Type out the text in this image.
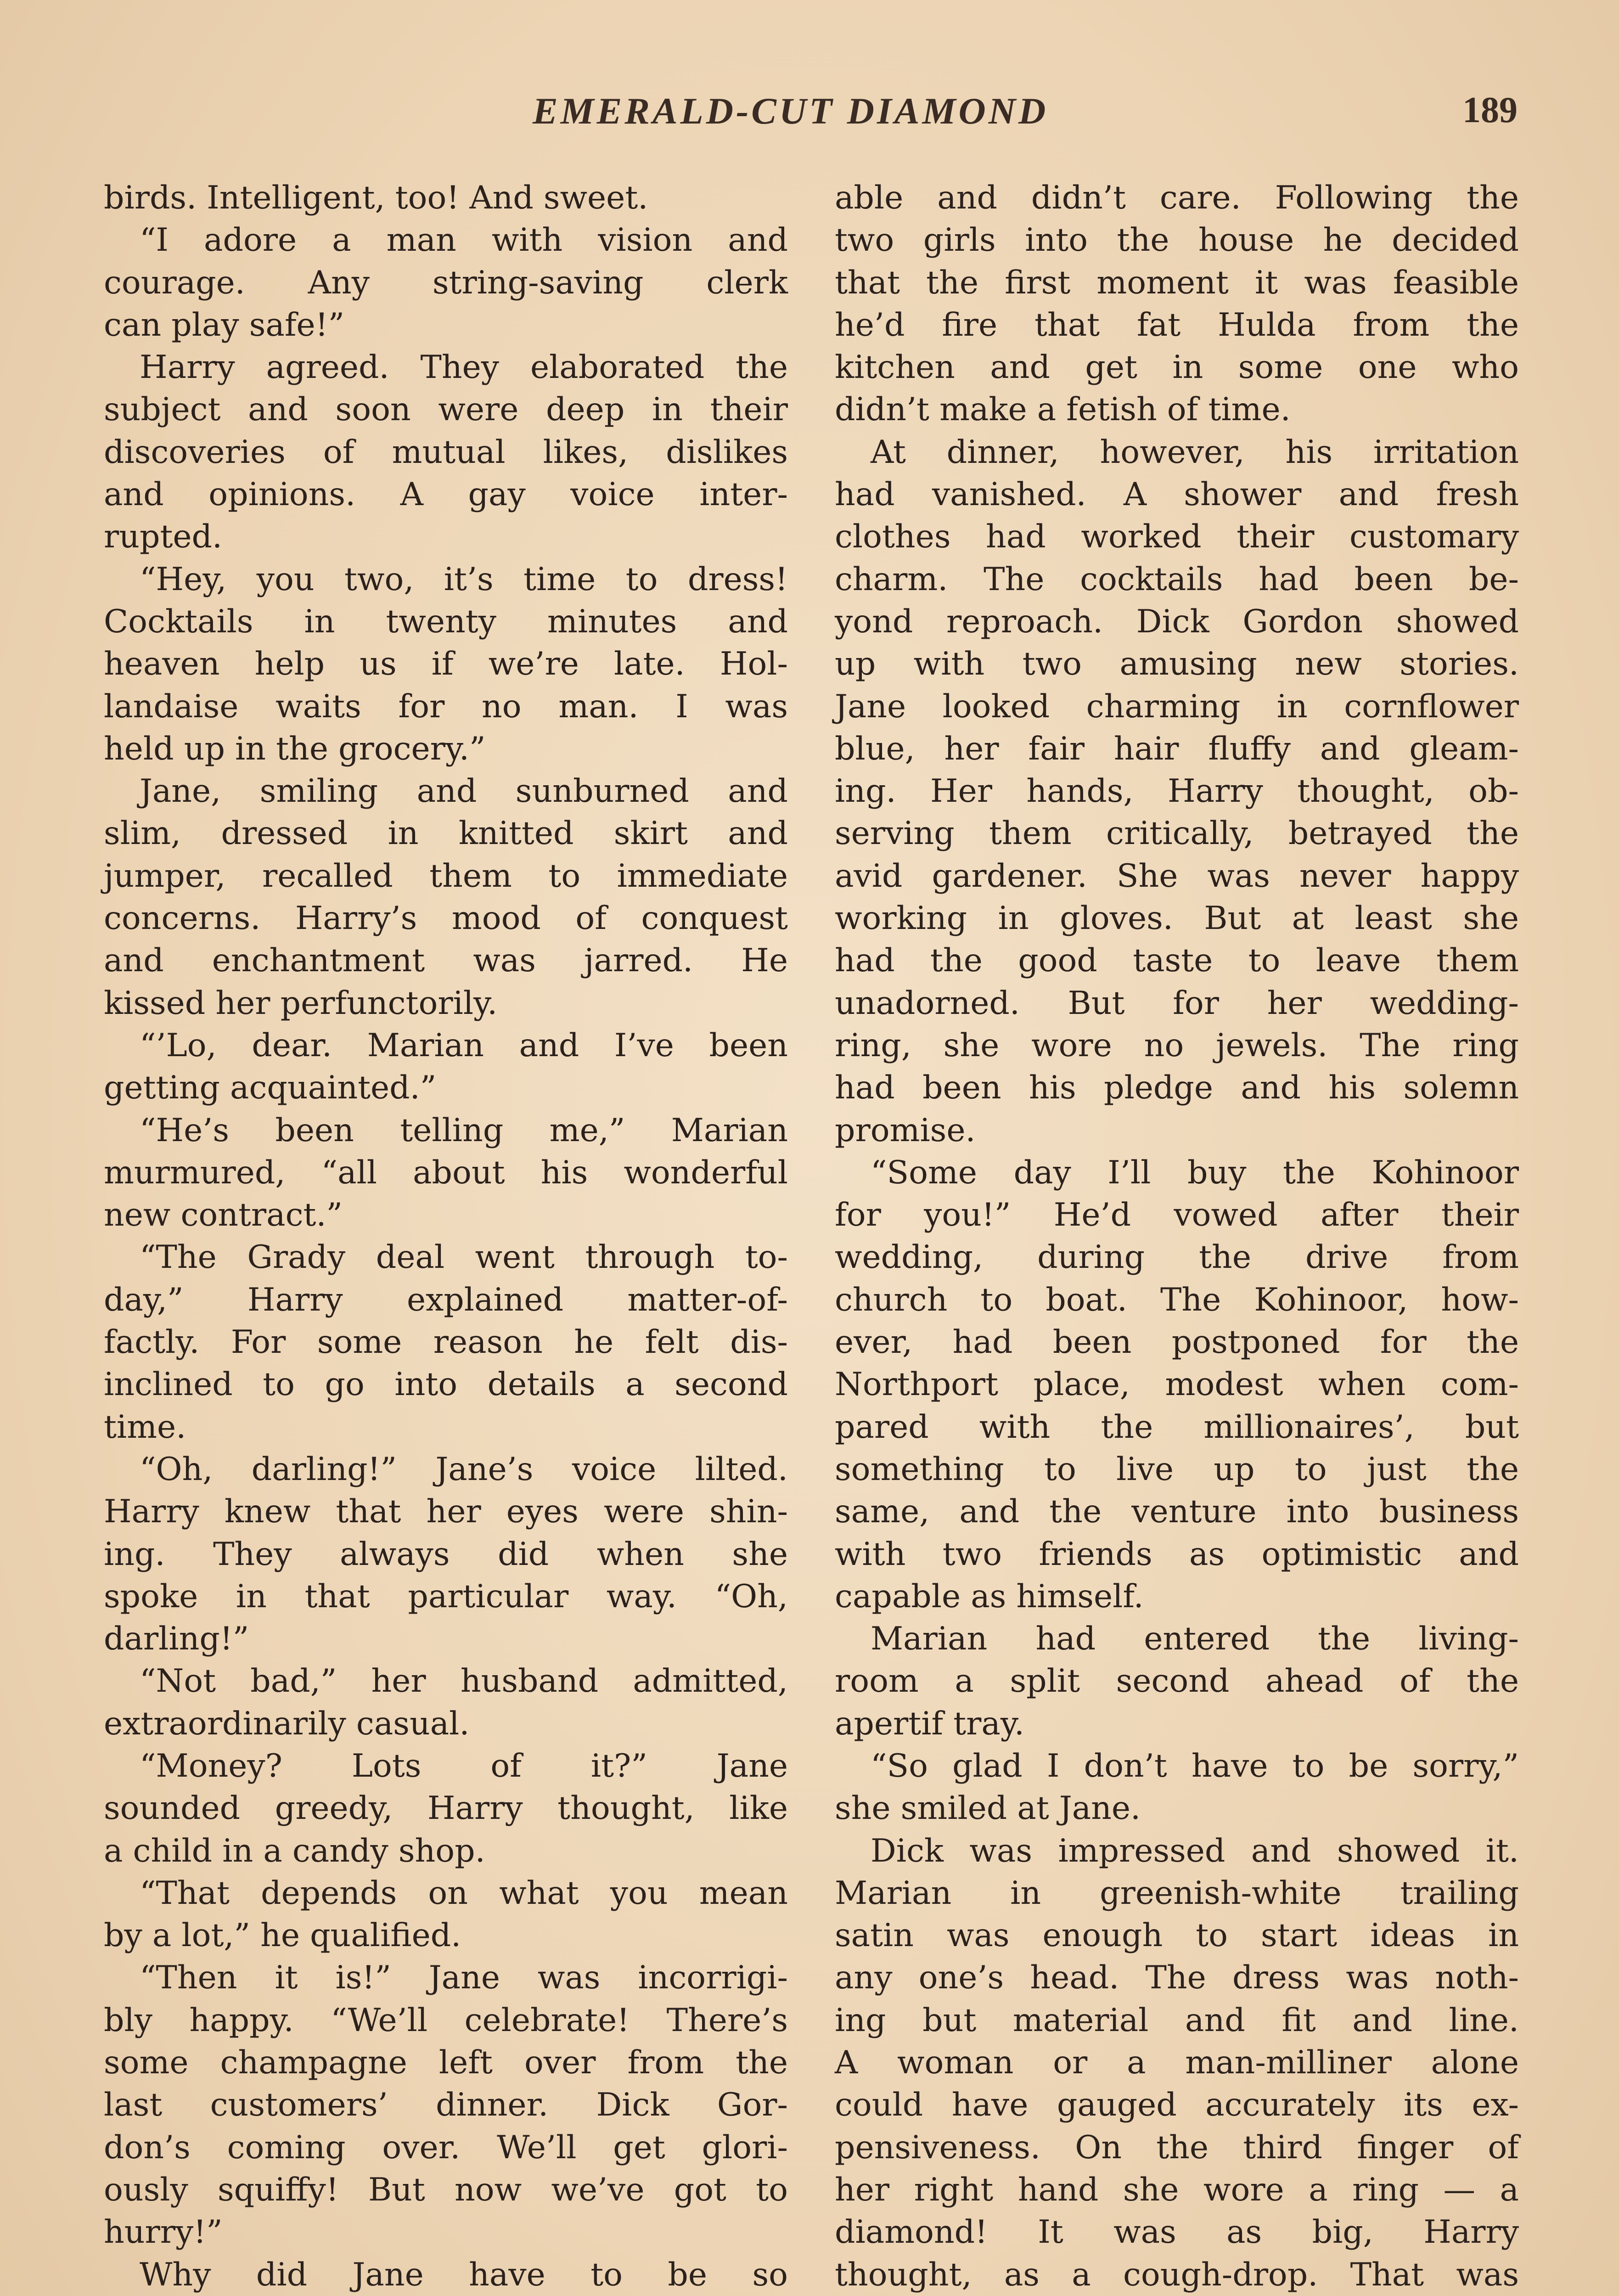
EMERALD-CUT DIAMOND	189
birds. Intelligent, too! And sweet.
“I adore a man with vision and
courage. Any string-saving clerk
can play safe!”
Harry agreed. They elaborated the
subject and soon were deep in their
discoveries of mutual likes, dislikes
and opinions. A gay voice inter-
rupted.
“Hey, you two, it’s time to dress!
Cocktails in twenty minutes and
heaven help us if we’re late. Hol-
landaise waits for no man. I was
held up in the grocery.”
Jane, smiling and sunburned and
slim, dressed in knitted skirt and
jumper, recalled them to immediate
concerns. Harry’s mood of conquest
and enchantment was jarred. He
kissed her perfunctorily.
“’Lo, dear. Marian and I’ve been
getting acquainted.”
“He’s been telling me,” Marian
murmured, “all about his wonderful
new contract.”
“The Grady deal went through to-
day,” Harry explained matter-of-
factly. For some reason he felt dis-
inclined to go into details a second
time.
“Oh, darling!” Jane’s voice lilted.
Harry knew that her eyes were shin-
ing. They always did when she
spoke in that particular way. “Oh,
darling!”
“Not bad,” her husband admitted,
extraordinarily casual.
“Money? Lots of it?” Jane
sounded greedy, Harry thought, like
a child in a candy shop.
“That depends on what you mean
by a lot,” he qualified.
“Then it is!” Jane was incorrigi-
bly happy. “We’ll celebrate! There’s
some champagne left over from the
last customers’ dinner. Dick Gor-
don’s coming over. We’ll get glori-
ously squiffy! But now we’ve got to
hurry!”
Why did Jane have to be so
able and didn’t care. Following the
two girls into the house he decided
that the first moment it was feasible
he’d fire that fat Hulda from the
kitchen and get in some one who
didn’t make a fetish of time.
At dinner, however, his irritation
had vanished. A shower and fresh
clothes had worked their customary
charm. The cocktails had been be-
yond reproach. Dick Gordon showed
up with two amusing new stories.
Jane looked charming in cornflower
blue, her fair hair fluffy and gleam-
ing. Her hands, Harry thought, ob-
serving them critically, betrayed the
avid gardener. She was never happy
working in gloves. But at least she
had the good taste to leave them
unadorned. But for her wedding-
ring, she wore no jewels. The ring
had been his pledge and his solemn
promise.
“Some day I’ll buy the Kohinoor
for you!” He’d vowed after their
wedding, during the drive from
church to boat. The Kohinoor, how-
ever, had been postponed for the
Northport place, modest when com-
pared with the millionaires’, but
something to live up to just the
same, and the venture into business
with two friends as optimistic and
capable as himself.
Marian had entered the living-
room a split second ahead of the
apertif tray.
“So glad I don’t have to be sorry,”
she smiled at Jane.
Dick was impressed and showed it.
Marian in greenish-white trailing
satin was enough to start ideas in
any one’s head. The dress was noth-
ing but material and fit and line.
A woman or a man-milliner alone
could have gauged accurately its ex-
pensiveness. On the third finger of
her right hand she wore a ring — a
diamond! It was as big, Harry
thought, as a cough-drop. That was
